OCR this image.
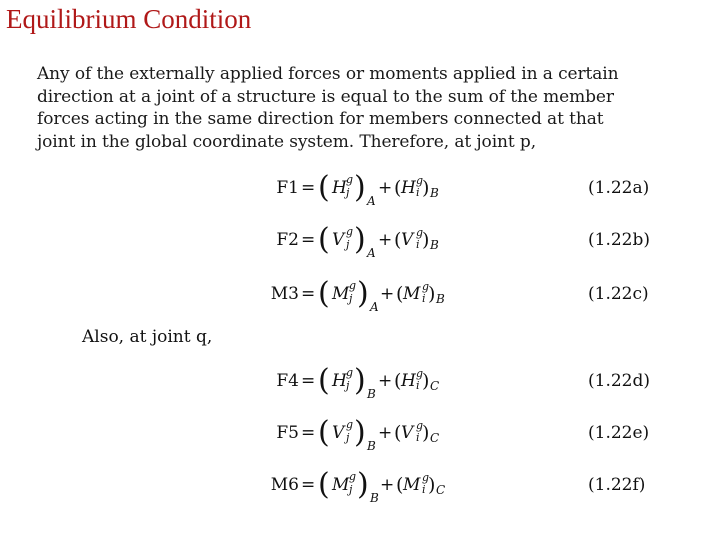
Equilibrium Condition
Any of the externally applied forces or moments applied in a certain
direction at a joint of a structure is equal to the sum of the member
forces acting in the same direction for members connected at that
joint in the global coordinate system. Therefore, at joint p,
Also, at joint q,
F1 = ( H g
j ) A
+ ( H g
i ) B	(1.22a)
F2 = ( V g
j ) A
+ ( V g
i ) B	(1.22b)
M3 = ( M g
j ) A
+ ( M g
i ) B	(1.22c)
F4 = ( H g
j ) B
+ ( H g
i ) C	(1.22d)
F5 = ( V g
j ) B
+ ( V g
i ) C	(1.22e)
M6 = ( M g
j ) B
+ ( M g
i ) C	(1.22f)
